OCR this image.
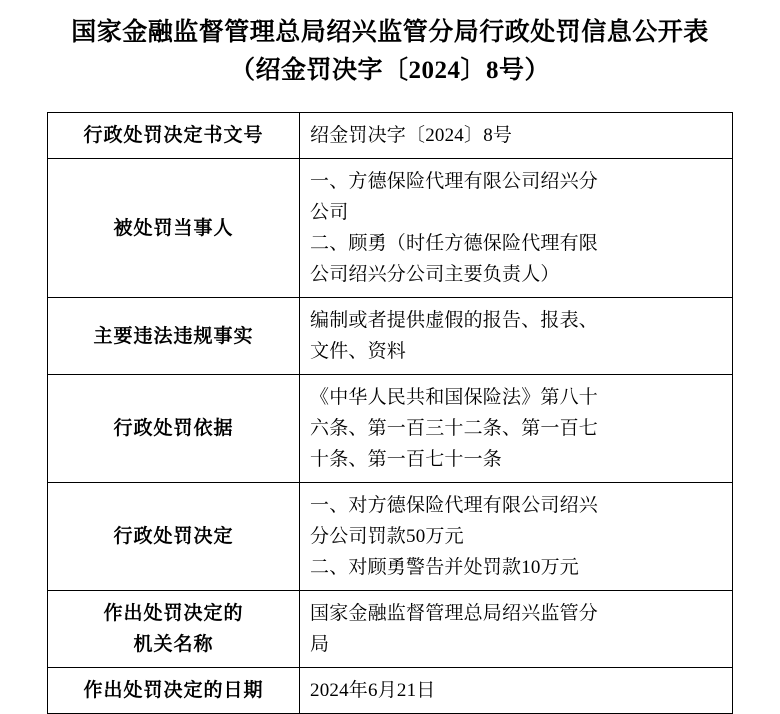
国家金融监督管理总局绍兴监管分局行政处罚信息公开表
（绍金罚决字〔2024〕8号）
行政处罚决定书文号	绍金罚决字〔2024〕8号

被处罚当事人	一、方德保险代理有限公司绍兴分
公司
二、顾勇（时任方德保险代理有限
公司绍兴分公司主要负责人）

主要违法违规事实	编制或者提供虚假的报告、报表、
文件、资料

行政处罚依据	《中华人民共和国保险法》第八十
六条、第一百三十二条、第一百七
十条、第一百七十一条

行政处罚决定	一、对方德保险代理有限公司绍兴
分公司罚款50万元
二、对顾勇警告并处罚款10万元

作出处罚决定的
机关名称	国家金融监督管理总局绍兴监管分
局

作出处罚决定的日期	2024年6月21日
